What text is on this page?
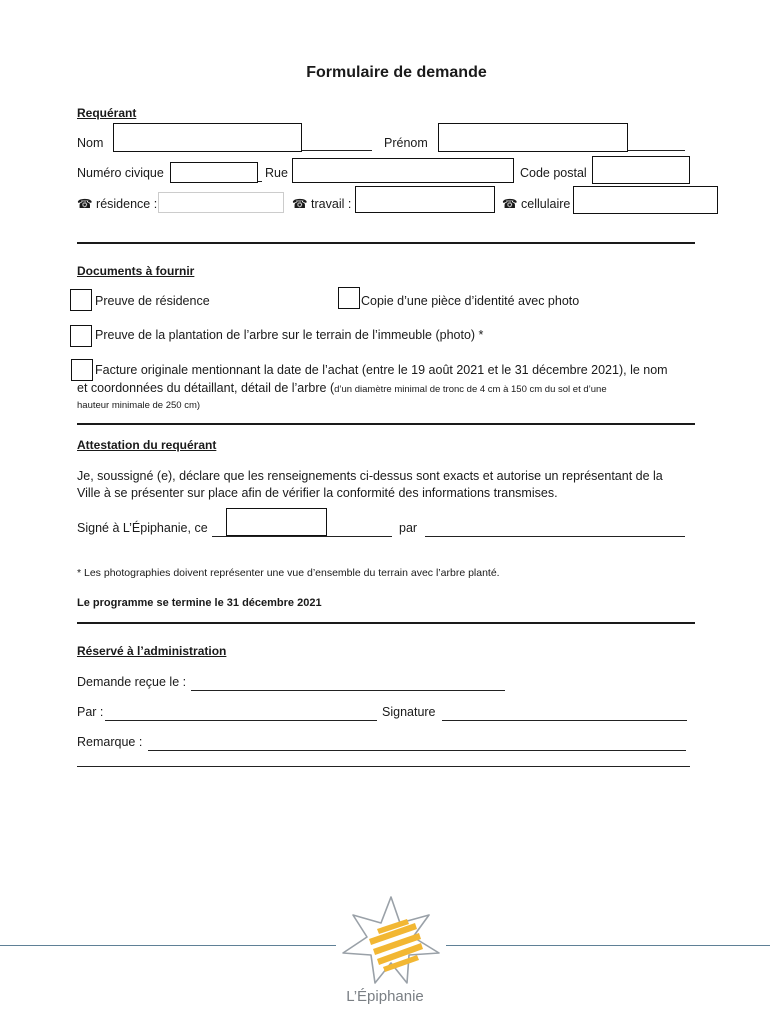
Formulaire de demande
Requérant
Nom	Prénom
Numéro civique	Rue	Code postal
☎ résidence :	☎ travail :	☎ cellulaire
Documents à fournir
Preuve de résidence	Copie d’une pièce d’identité avec photo
Preuve de la plantation de l’arbre sur le terrain de l’immeuble (photo) *
Facture originale mentionnant la date de l’achat (entre le 19 août 2021 et le 31 décembre 2021), le nom
et coordonnées du détaillant, détail de l’arbre (d’un diamètre minimal de tronc de 4 cm à 150 cm du sol et d’une
hauteur minimale de 250 cm)
Attestation du requérant
Je, soussigné (e), déclare que les renseignements ci-dessus sont exacts et autorise un représentant de la
Ville à se présenter sur place afin de vérifier la conformité des informations transmises.
Signé à L’Épiphanie, ce	par
* Les photographies doivent représenter une vue d’ensemble du terrain avec l’arbre planté.
Le programme se termine le 31 décembre 2021
Réservé à l’administration
Demande reçue le :
Par :	Signature
Remarque :
L’Épiphanie
